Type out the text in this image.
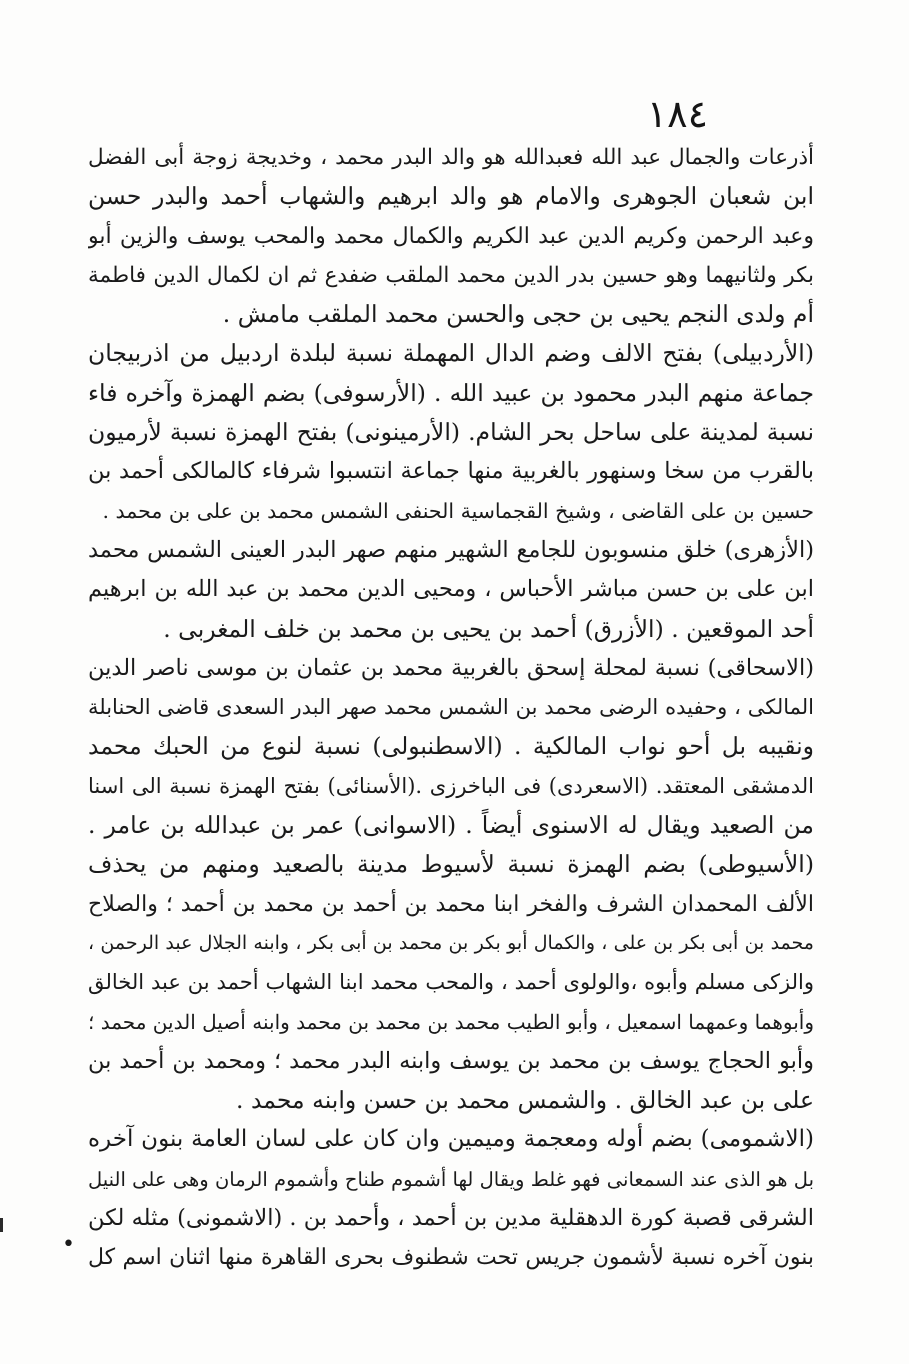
١٨٤
•
أذرعات والجمال عبد الله فعبدالله هو والد البدر محمد ، وخديجة زوجة أبى الفضل
ابن شعبان الجوهرى والامام هو والد ابرهيم والشهاب أحمد والبدر حسن
وعبد الرحمن وكريم الدين عبد الكريم والكمال محمد والمحب يوسف والزين أبو
بكر ولثانيهما وهو حسين بدر الدين محمد الملقب ضفدع ثم ان لكمال الدين فاطمة
أم ولدى النجم يحيى بن حجى والحسن محمد الملقب مامش .
(الأردبيلى) بفتح الالف وضم الدال المهملة نسبة لبلدة اردبيل من اذربيجان
جماعة منهم البدر محمود بن عبيد الله . (الأرسوفى) بضم الهمزة وآخره فاء
نسبة لمدينة على ساحل بحر الشام. (الأرمينونى) بفتح الهمزة نسبة لأرميون
بالقرب من سخا وسنهور بالغربية منها جماعة انتسبوا شرفاء كالمالكى أحمد بن
حسين بن على القاضى ، وشيخ القجماسية الحنفى الشمس محمد بن على بن محمد .
(الأزهرى) خلق منسوبون للجامع الشهير منهم صهر البدر العينى الشمس محمد
ابن على بن حسن مباشر الأحباس ، ومحيى الدين محمد بن عبد الله بن ابرهيم
أحد الموقعين . (الأزرق) أحمد بن يحيى بن محمد بن خلف المغربى .
(الاسحاقى) نسبة لمحلة إسحق بالغربية محمد بن عثمان بن موسى ناصر الدين
المالكى ، وحفيده الرضى محمد بن الشمس محمد صهر البدر السعدى قاضى الحنابلة
ونقيبه بل أحو نواب المالكية . (الاسطنبولى) نسبة لنوع من الحبك محمد
الدمشقى المعتقد. (الاسعردى) فى الباخرزى .(الأسنائى) بفتح الهمزة نسبة الى اسنا
من الصعيد ويقال له الاسنوى أيضاً . (الاسوانى) عمر بن عبدالله بن عامر .
(الأسيوطى) بضم الهمزة نسبة لأسيوط مدينة بالصعيد ومنهم من يحذف
الألف المحمدان الشرف والفخر ابنا محمد بن أحمد بن محمد بن أحمد ؛ والصلاح
محمد بن أبى بكر بن على ، والكمال أبو بكر بن محمد بن أبى بكر ، وابنه الجلال عبد الرحمن ،
والزكى مسلم وأبوه ،والولوى أحمد ، والمحب محمد ابنا الشهاب أحمد بن عبد الخالق
وأبوهما وعمهما اسمعيل ، وأبو الطيب محمد بن محمد بن محمد وابنه أصيل الدين محمد ؛
وأبو الحجاج يوسف بن محمد بن يوسف وابنه البدر محمد ؛ ومحمد بن أحمد بن
على بن عبد الخالق . والشمس محمد بن حسن وابنه محمد .
(الاشمومى) بضم أوله ومعجمة وميمين وان كان على لسان العامة بنون آخره
بل هو الذى عند السمعانى فهو غلط ويقال لها أشموم طناح وأشموم الرمان وهى على النيل
الشرقى قصبة كورة الدهقلية مدين بن أحمد ، وأحمد بن . (الاشمونى) مثله لكن
بنون آخره نسبة لأشمون جريس تحت شطنوف بحرى القاهرة منها اثنان اسم كل
